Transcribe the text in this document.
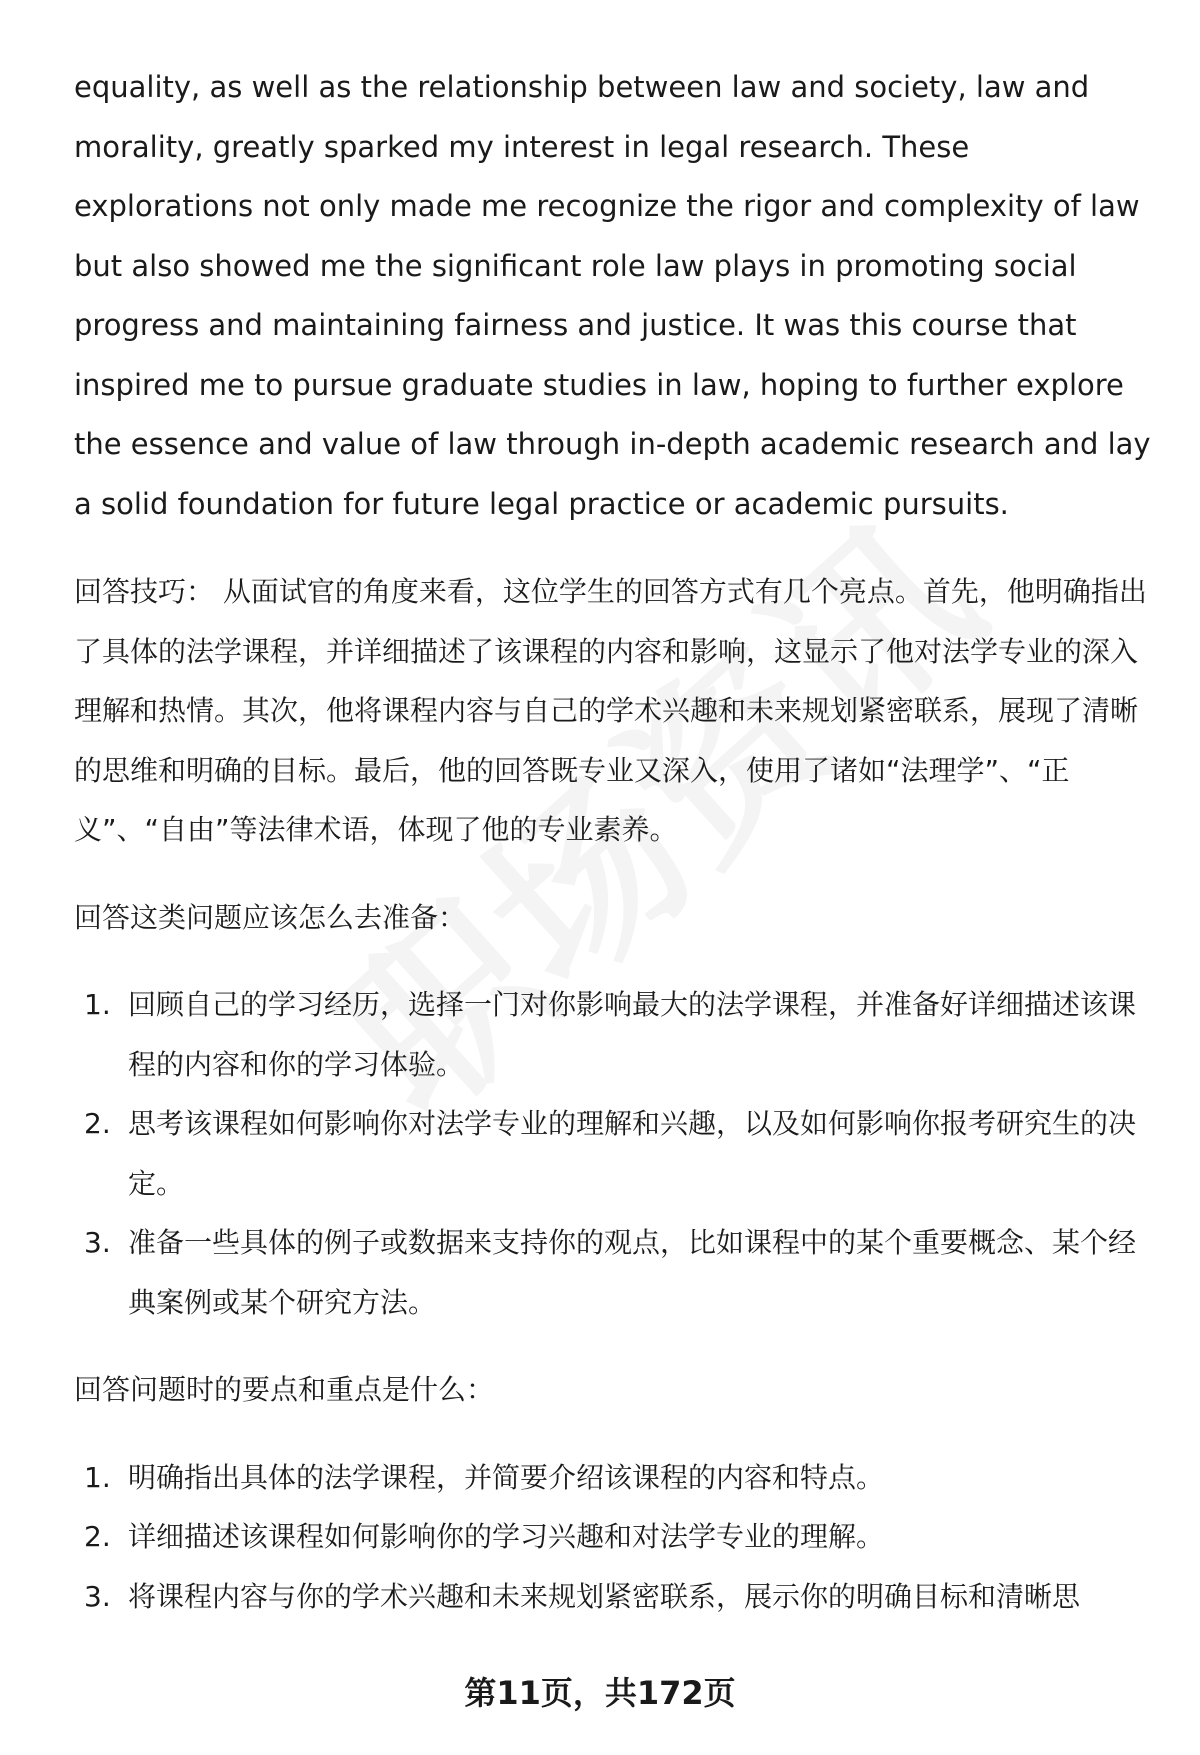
equality, as well as the relationship between law and society, law and morality, greatly sparked my interest in legal research. These explorations not only made me recognize the rigor and complexity of law but also showed me the significant role law plays in promoting social progress and maintaining fairness and justice. It was this course that inspired me to pursue graduate studies in law, hoping to further explore the essence and value of law through in-depth academic research and lay a solid foundation for future legal practice or academic pursuits.

回答技巧： 从面试官的角度来看，这位学生的回答方式有几个亮点。首先，他明确指出了具体的法学课程，并详细描述了该课程的内容和影响，这显示了他对法学专业的深入理解和热情。其次，他将课程内容与自己的学术兴趣和未来规划紧密联系，展现了清晰的思维和明确的目标。最后，他的回答既专业又深入，使用了诸如“法理学”、“正义”、“自由”等法律术语，体现了他的专业素养。

回答这类问题应该怎么去准备：

1. 回顾自己的学习经历，选择一门对你影响最大的法学课程，并准备好详细描述该课程的内容和你的学习体验。
2. 思考该课程如何影响你对法学专业的理解和兴趣，以及如何影响你报考研究生的决定。
3. 准备一些具体的例子或数据来支持你的观点，比如课程中的某个重要概念、某个经典案例或某个研究方法。

回答问题时的要点和重点是什么：

1. 明确指出具体的法学课程，并简要介绍该课程的内容和特点。
2. 详细描述该课程如何影响你的学习兴趣和对法学专业的理解。
3. 将课程内容与你的学术兴趣和未来规划紧密联系，展示你的明确目标和清晰思
第11页，共172页
